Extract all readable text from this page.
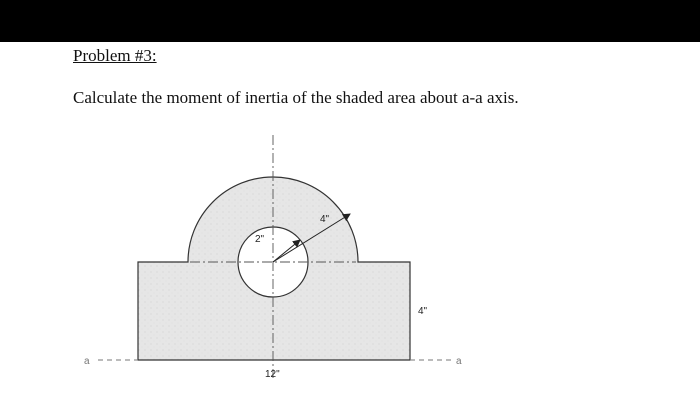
Problem #3:
Calculate the moment of inertia of the shaded area about a-a axis.
2"
4"
4"
12"
a	a
